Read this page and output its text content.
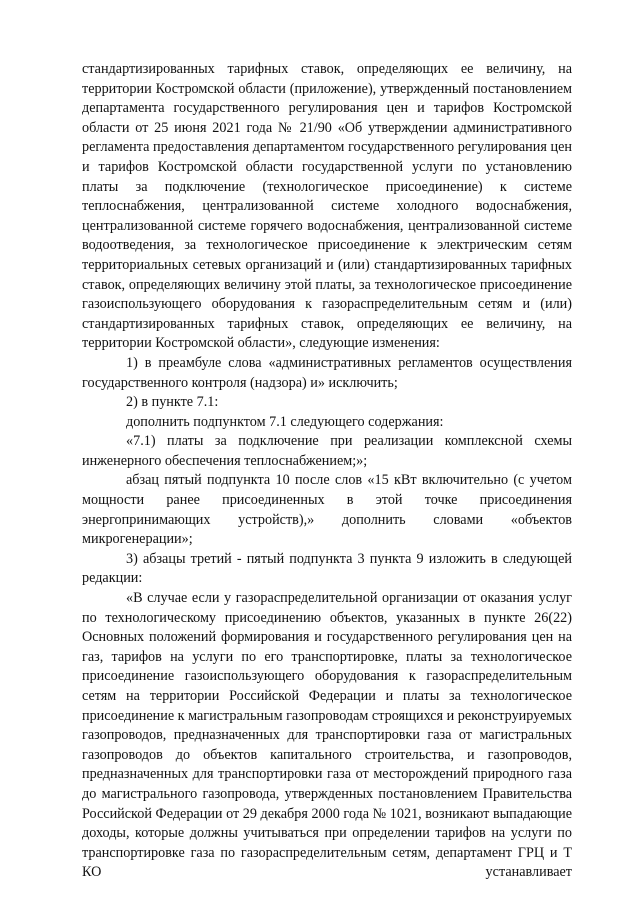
стандартизированных тарифных ставок, определяющих ее величину, на территории Костромской области (приложение), утвержденный постановлением департамента государственного регулирования цен и тарифов Костромской области от 25 июня 2021 года № 21/90 «Об утверждении административного регламента предоставления департаментом государственного регулирования цен и тарифов Костромской области государственной услуги по установлению платы за подключение (технологическое присоединение) к системе теплоснабжения, централизованной системе холодного водоснабжения, централизованной системе горячего водоснабжения, централизованной системе водоотведения, за технологическое присоединение к электрическим сетям территориальных сетевых организаций и (или) стандартизированных тарифных ставок, определяющих величину этой платы, за технологическое присоединение газоиспользующего оборудования к газораспределительным сетям и (или) стандартизированных тарифных ставок, определяющих ее величину, на территории Костромской области», следующие изменения:

1) в преамбуле слова «административных регламентов осуществления государственного контроля (надзора) и» исключить;

2) в пункте 7.1:

дополнить подпунктом 7.1 следующего содержания:

«7.1) платы за подключение при реализации комплексной схемы инженерного обеспечения теплоснабжением;»;

абзац пятый подпункта 10 после слов «15 кВт включительно (с учетом мощности ранее присоединенных в этой точке присоединения энергопринимающих устройств),» дополнить словами «объектов микрогенерации»;

3) абзацы третий - пятый подпункта 3 пункта 9 изложить в следующей редакции:

«В случае если у газораспределительной организации от оказания услуг по технологическому присоединению объектов, указанных в пункте 26(22) Основных положений формирования и государственного регулирования цен на газ, тарифов на услуги по его транспортировке, платы за технологическое присоединение газоиспользующего оборудования к газораспределительным сетям на территории Российской Федерации и платы за технологическое присоединение к магистральным газопроводам строящихся и реконструируемых газопроводов, предназначенных для транспортировки газа от магистральных газопроводов до объектов капитального строительства, и газопроводов, предназначенных для транспортировки газа от месторождений природного газа до магистрального газопровода, утвержденных постановлением Правительства Российской Федерации от 29 декабря 2000 года № 1021, возникают выпадающие доходы, которые должны учитываться при определении тарифов на услуги по транспортировке газа по газораспределительным сетям, департамент ГРЦ и Т КО устанавливает
